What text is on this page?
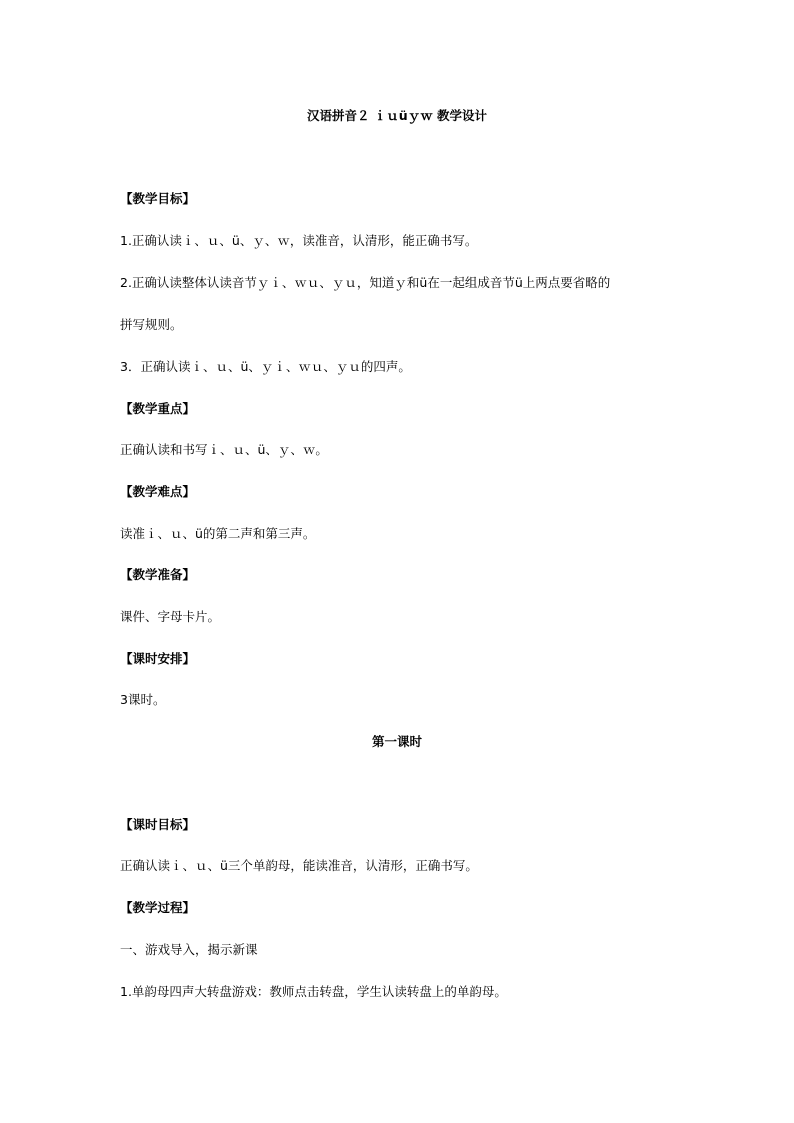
汉语拼音２ ｉｕüｙｗ 教学设计
【教学目标】
1.正确认读ｉ、ｕ、ü、ｙ、ｗ，读准音，认清形，能正确书写。
2.正确认读整体认读音节ｙｉ、ｗｕ、ｙｕ，知道ｙ和ü在一起组成音节ü上两点要省略的
拼写规则。
3．正确认读ｉ、ｕ、ü、ｙｉ、ｗｕ、ｙｕ的四声。
【教学重点】
正确认读和书写ｉ、ｕ、ü、ｙ、ｗ。
【教学难点】
读准ｉ、ｕ、ü的第二声和第三声。
【教学准备】
课件、字母卡片。
【课时安排】
3课时。
第一课时
【课时目标】
正确认读ｉ、ｕ、ü三个单韵母，能读准音，认清形，正确书写。
【教学过程】
一、游戏导入，揭示新课
1.单韵母四声大转盘游戏：教师点击转盘，学生认读转盘上的单韵母。
